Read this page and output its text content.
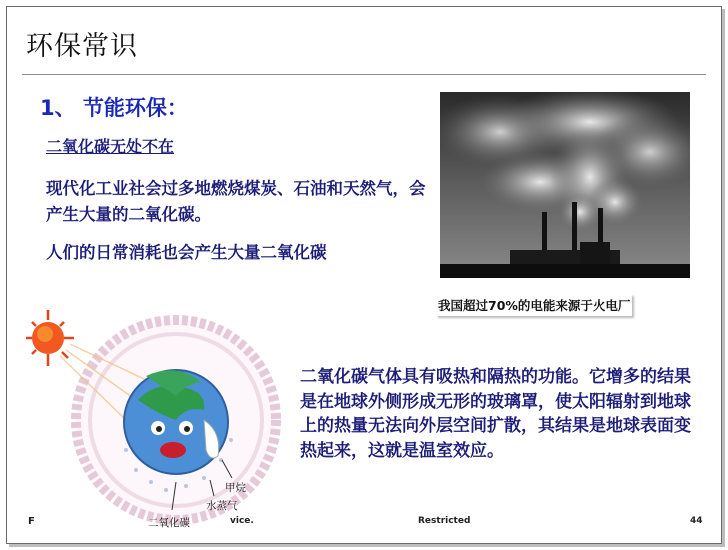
环保常识
1、 节能环保：
二氧化碳无处不在
现代化工业社会过多地燃烧煤炭、石油和天然气，会产生大量的二氧化碳。
人们的日常消耗也会产生大量二氧化碳
我国超过70%的电能来源于火电厂
甲烷
水蒸气
二氧化碳
二氧化碳气体具有吸热和隔热的功能。它增多的结果是在地球外侧形成无形的玻璃罩，使太阳辐射到地球上的热量无法向外层空间扩散，其结果是地球表面变热起来，这就是温室效应。
F	vice.	Restricted	44
